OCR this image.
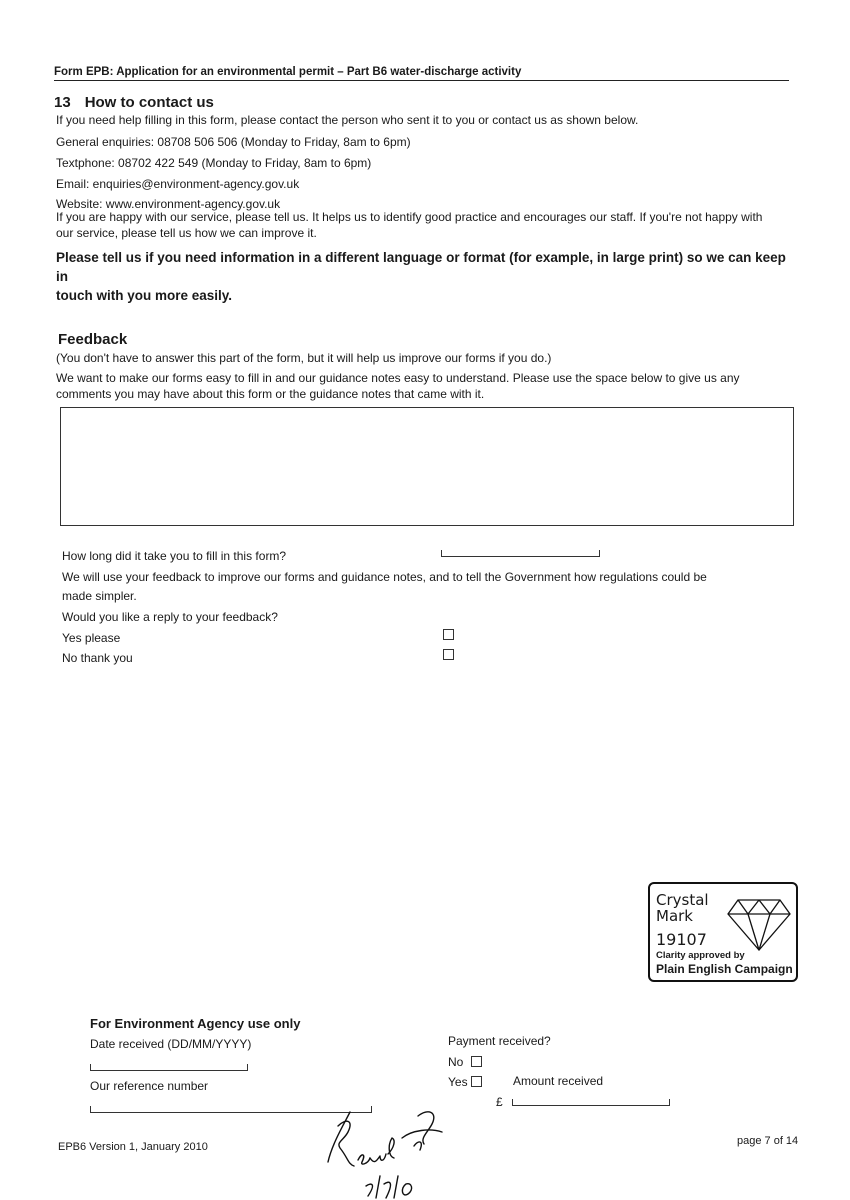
Form EPB: Application for an environmental permit – Part B6 water-discharge activity
13 How to contact us
If you need help filling in this form, please contact the person who sent it to you or contact us as shown below.
General enquiries: 08708 506 506 (Monday to Friday, 8am to 6pm)
Textphone: 08702 422 549 (Monday to Friday, 8am to 6pm)
Email: enquiries@environment-agency.gov.uk
Website: www.environment-agency.gov.uk
If you are happy with our service, please tell us. It helps us to identify good practice and encourages our staff. If you're not happy with
our service, please tell us how we can improve it.
Please tell us if you need information in a different language or format (for example, in large print) so we can keep in
touch with you more easily.
Feedback
(You don't have to answer this part of the form, but it will help us improve our forms if you do.)
We want to make our forms easy to fill in and our guidance notes easy to understand. Please use the space below to give us any
comments you may have about this form or the guidance notes that came with it.
How long did it take you to fill in this form?
We will use your feedback to improve our forms and guidance notes, and to tell the Government how regulations could be
made simpler.
Would you like a reply to your feedback?
Yes please
No thank you
Crystal
Mark
19107
Clarity approved by
Plain English Campaign
For Environment Agency use only
Date received (DD/MM/YYYY)
Our reference number
Payment received?
No
Yes	Amount received
£
EPB6 Version 1, January 2010	page 7 of 14
